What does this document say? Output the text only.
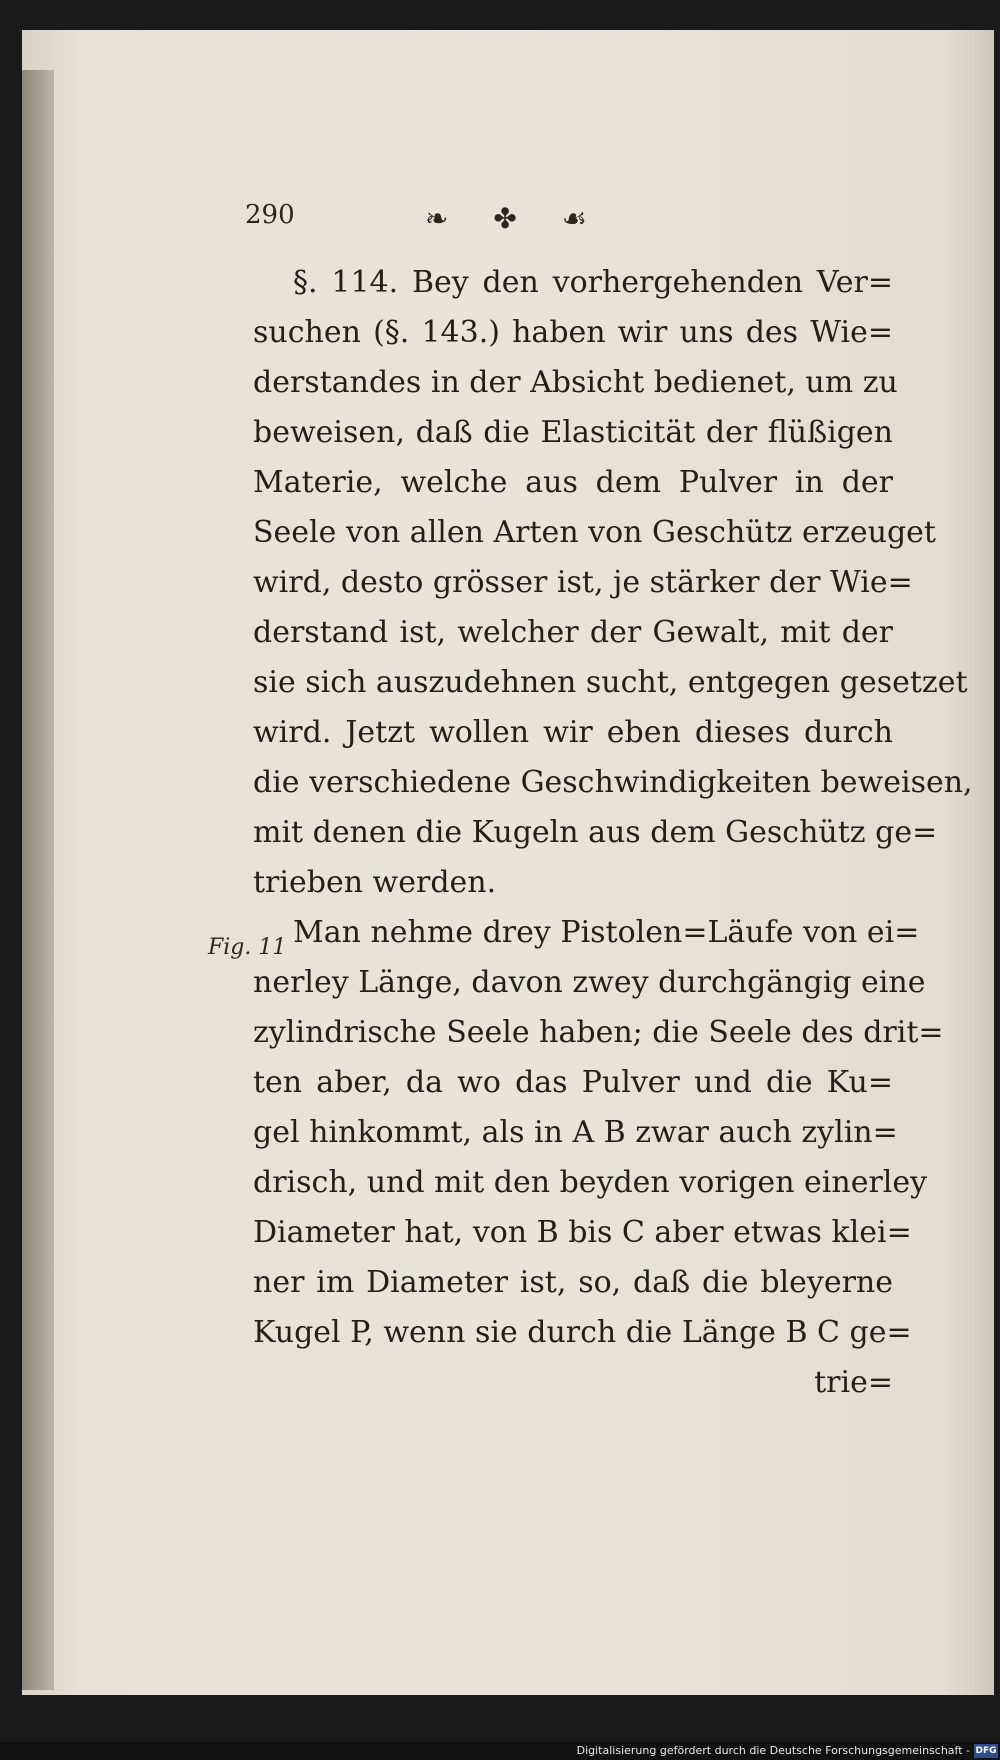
290	❧ ✤ ☙
Fig. 11
§. 114. Bey den vorhergehenden Ver=
suchen (§. 143.) haben wir uns des Wie=
derstandes in der Absicht bedienet, um zu
beweisen, daß die Elasticität der flüßigen
Materie, welche aus dem Pulver in der
Seele von allen Arten von Geschütz erzeuget
wird, desto grösser ist, je stärker der Wie=
derstand ist, welcher der Gewalt, mit der
sie sich auszudehnen sucht, entgegen gesetzet
wird. Jetzt wollen wir eben dieses durch
die verschiedene Geschwindigkeiten beweisen,
mit denen die Kugeln aus dem Geschütz ge=
trieben werden.
Man nehme drey Pistolen=Läufe von ei=
nerley Länge, davon zwey durchgängig eine
zylindrische Seele haben; die Seele des drit=
ten aber, da wo das Pulver und die Ku=
gel hinkommt, als in A B zwar auch zylin=
drisch, und mit den beyden vorigen einerley
Diameter hat, von B bis C aber etwas klei=
ner im Diameter ist, so, daß die bleyerne
Kugel P, wenn sie durch die Länge B C ge=
trie=
Digitalisierung gefördert durch die Deutsche Forschungsgemeinschaft - DFG
